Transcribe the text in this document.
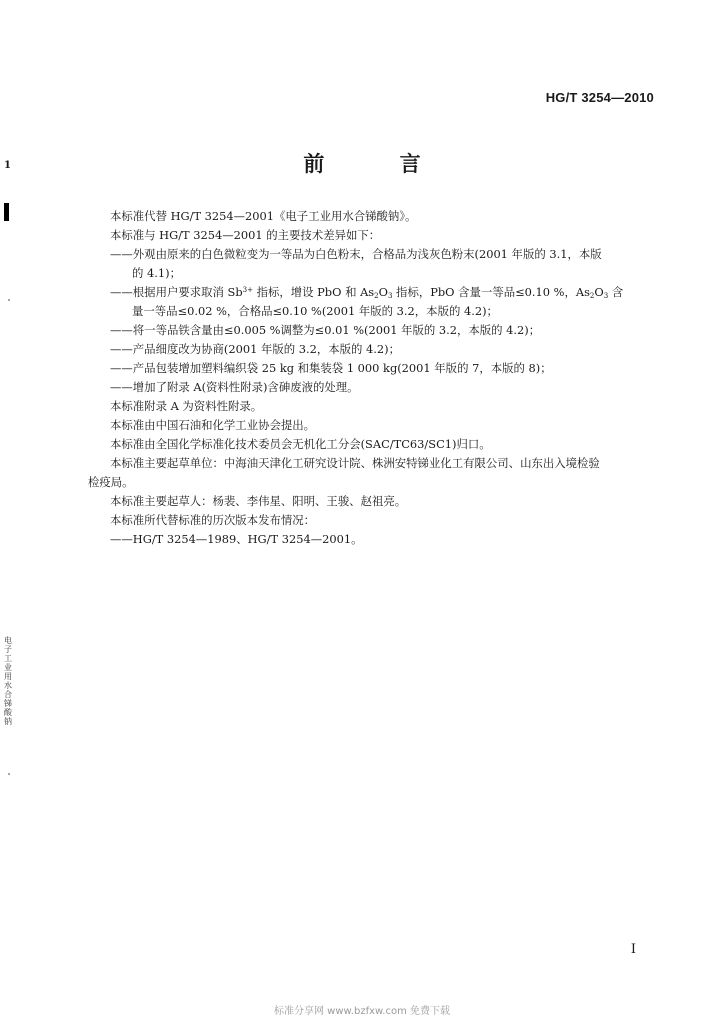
1
电子工业用水合锑酸钠
HG/T 3254—2010
前 言
本标准代替 HG/T 3254—2001《电子工业用水合锑酸钠》。
本标准与 HG/T 3254—2001 的主要技术差异如下：
——外观由原来的白色微粒变为一等品为白色粉末，合格品为浅灰色粉末(2001 年版的 3.1，本版
的 4.1)；
——根据用户要求取消 $Sb^{3+}$ 指标，增设 PbO 和 $As_2O_3$ 指标，PbO 含量一等品≤0.10 %，$As_2O_3$ 含
量一等品≤0.02 %，合格品≤0.10 %(2001 年版的 3.2，本版的 4.2)；
——将一等品铁含量由≤0.005 %调整为≤0.01 %(2001 年版的 3.2，本版的 4.2)；
——产品细度改为协商(2001 年版的 3.2，本版的 4.2)；
——产品包装增加塑料编织袋 25 kg 和集装袋 1 000 kg(2001 年版的 7，本版的 8)；
——增加了附录 A(资料性附录)含砷废液的处理。
本标准附录 A 为资料性附录。
本标准由中国石油和化学工业协会提出。
本标准由全国化学标准化技术委员会无机化工分会(SAC/TC63/SC1)归口。
本标准主要起草单位：中海油天津化工研究设计院、株洲安特锑业化工有限公司、山东出入境检验
检疫局。
本标准主要起草人：杨裴、李伟星、阳明、王骏、赵祖亮。
本标准所代替标准的历次版本发布情况：
——HG/T 3254—1989、HG/T 3254—2001。
I
标准分享网 www.bzfxw.com 免费下载
